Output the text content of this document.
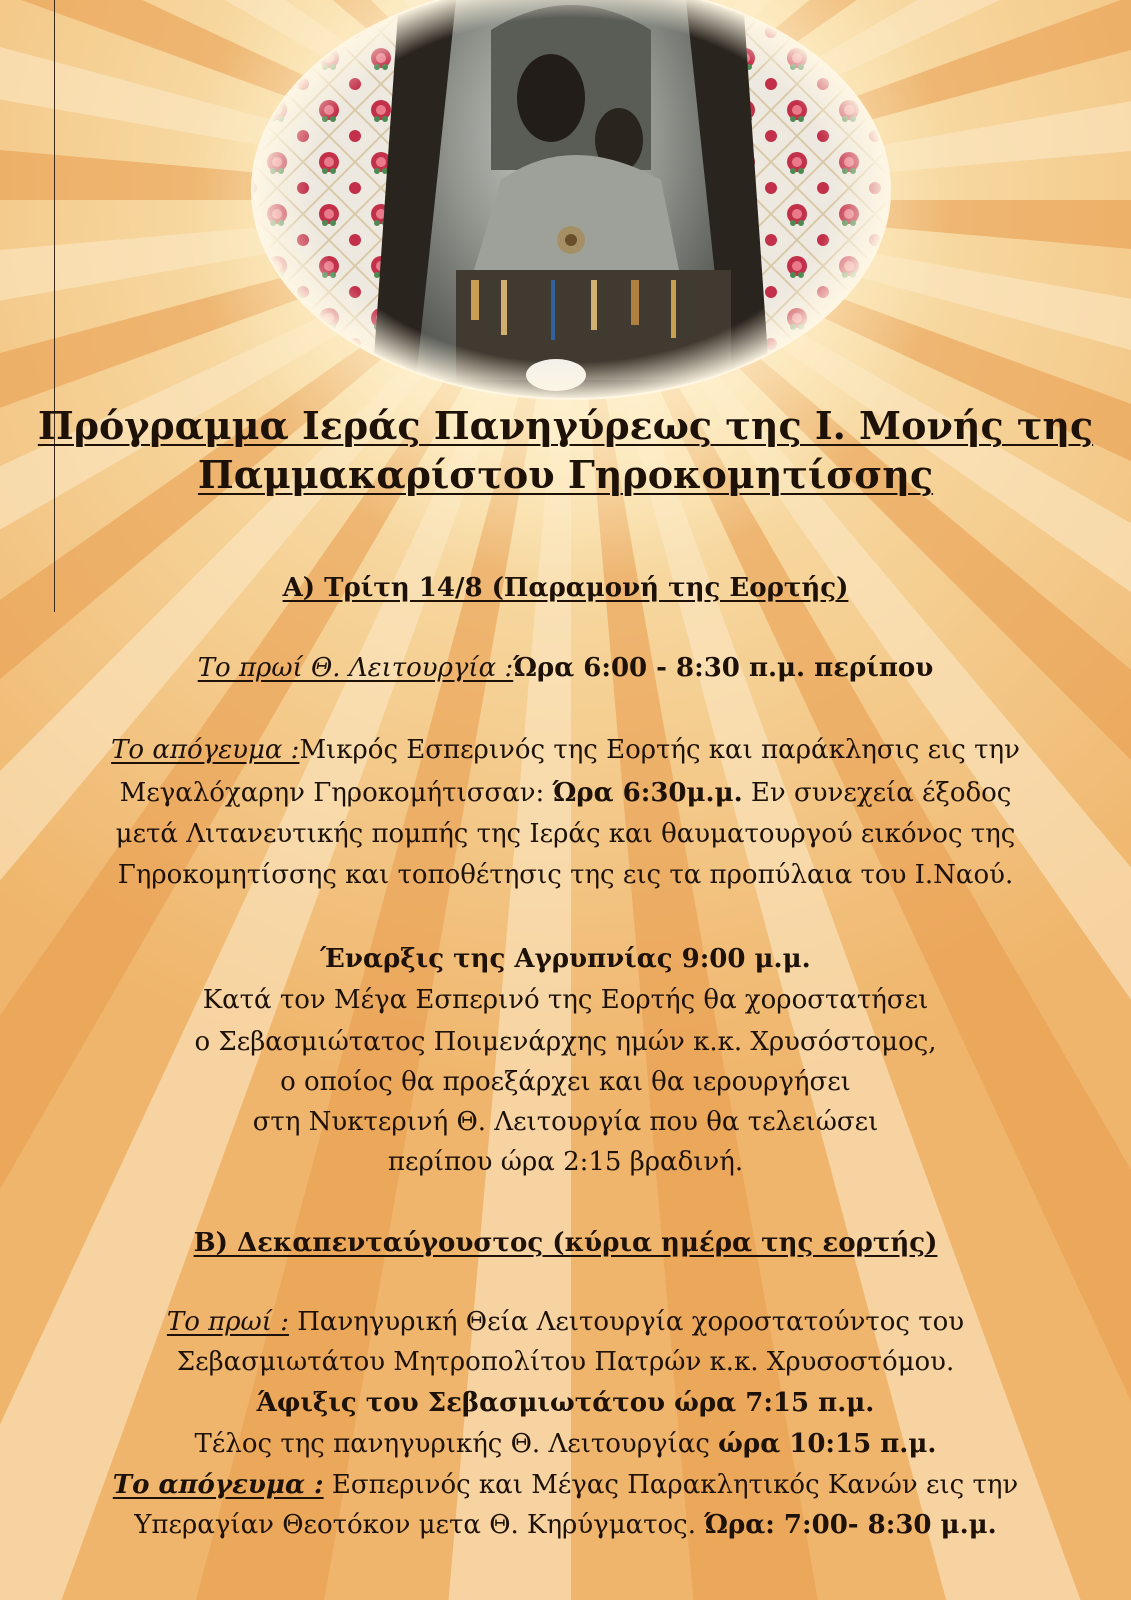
Πρόγραμμα Ιεράς Πανηγύρεως της Ι. Μονής της
Παμμακαρίστου Γηροκομητίσσης
Α) Τρίτη 14/8 (Παραμονή της Εορτής)
Το πρωί Θ. Λειτουργία :Ώρα 6:00 - 8:30 π.μ. περίπου
Το απόγευμα :Μικρός Εσπερινός της Εορτής και παράκλησις εις την
Μεγαλόχαρην Γηροκομήτισσαν: Ώρα 6:30μ.μ. Εν συνεχεία έξοδος
μετά Λιτανευτικής πομπής της Ιεράς και θαυματουργού εικόνος της
Γηροκομητίσσης και τοποθέτησις της εις τα προπύλαια του Ι.Ναού.
Έναρξις της Αγρυπνίας 9:00 μ.μ.
Κατά τον Μέγα Εσπερινό της Εορτής θα χοροστατήσει
ο Σεβασμιώτατος Ποιμενάρχης ημών κ.κ. Χρυσόστομος,
ο οποίος θα προεξάρχει και θα ιερουργήσει
στη Νυκτερινή Θ. Λειτουργία που θα τελειώσει
περίπου ώρα 2:15 βραδινή.
Β) Δεκαπενταύγουστος (κύρια ημέρα της εορτής)
Το πρωί : Πανηγυρική Θεία Λειτουργία χοροστατούντος του
Σεβασμιωτάτου Μητροπολίτου Πατρών κ.κ. Χρυσοστόμου.
Άφιξις του Σεβασμιωτάτου ώρα 7:15 π.μ.
Τέλος της πανηγυρικής Θ. Λειτουργίας ώρα 10:15 π.μ.
Το απόγευμα : Εσπερινός και Μέγας Παρακλητικός Κανών εις την
Υπεραγίαν Θεοτόκον μετα Θ. Κηρύγματος. Ώρα: 7:00- 8:30 μ.μ.
